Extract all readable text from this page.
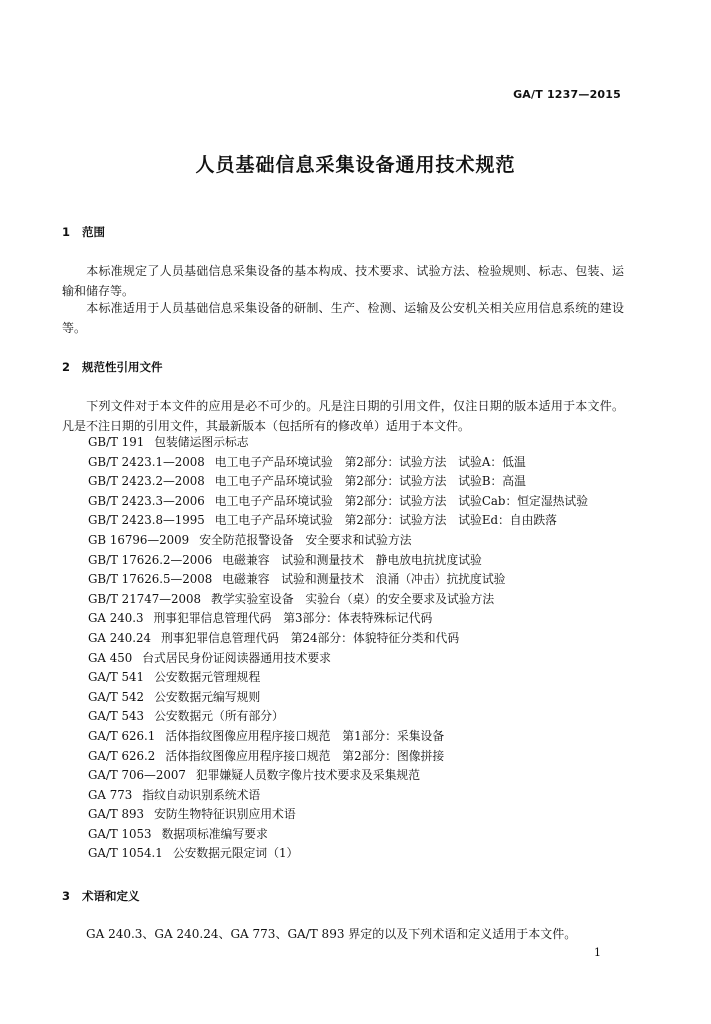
GA/T 1237—2015
人员基础信息采集设备通用技术规范
1 范围
本标准规定了人员基础信息采集设备的基本构成、技术要求、试验方法、检验规则、标志、包装、运输和储存等。
本标准适用于人员基础信息采集设备的研制、生产、检测、运输及公安机关相关应用信息系统的建设等。
2 规范性引用文件
下列文件对于本文件的应用是必不可少的。凡是注日期的引用文件，仅注日期的版本适用于本文件。凡是不注日期的引用文件，其最新版本（包括所有的修改单）适用于本文件。
GB/T 191 包装储运图示标志
GB/T 2423.1—2008 电工电子产品环境试验　第2部分：试验方法　试验A：低温
GB/T 2423.2—2008 电工电子产品环境试验　第2部分：试验方法　试验B：高温
GB/T 2423.3—2006 电工电子产品环境试验　第2部分：试验方法　试验Cab：恒定湿热试验
GB/T 2423.8—1995 电工电子产品环境试验　第2部分：试验方法　试验Ed：自由跌落
GB 16796—2009 安全防范报警设备　安全要求和试验方法
GB/T 17626.2—2006 电磁兼容　试验和测量技术　静电放电抗扰度试验
GB/T 17626.5—2008 电磁兼容　试验和测量技术　浪涌（冲击）抗扰度试验
GB/T 21747—2008 教学实验室设备　实验台（桌）的安全要求及试验方法
GA 240.3 刑事犯罪信息管理代码　第3部分：体表特殊标记代码
GA 240.24 刑事犯罪信息管理代码　第24部分：体貌特征分类和代码
GA 450 台式居民身份证阅读器通用技术要求
GA/T 541 公安数据元管理规程
GA/T 542 公安数据元编写规则
GA/T 543 公安数据元（所有部分）
GA/T 626.1 活体指纹图像应用程序接口规范　第1部分：采集设备
GA/T 626.2 活体指纹图像应用程序接口规范　第2部分：图像拼接
GA/T 706—2007 犯罪嫌疑人员数字像片技术要求及采集规范
GA 773 指纹自动识别系统术语
GA/T 893 安防生物特征识别应用术语
GA/T 1053 数据项标准编写要求
GA/T 1054.1 公安数据元限定词（1）
3 术语和定义
GA 240.3、GA 240.24、GA 773、GA/T 893 界定的以及下列术语和定义适用于本文件。
1
